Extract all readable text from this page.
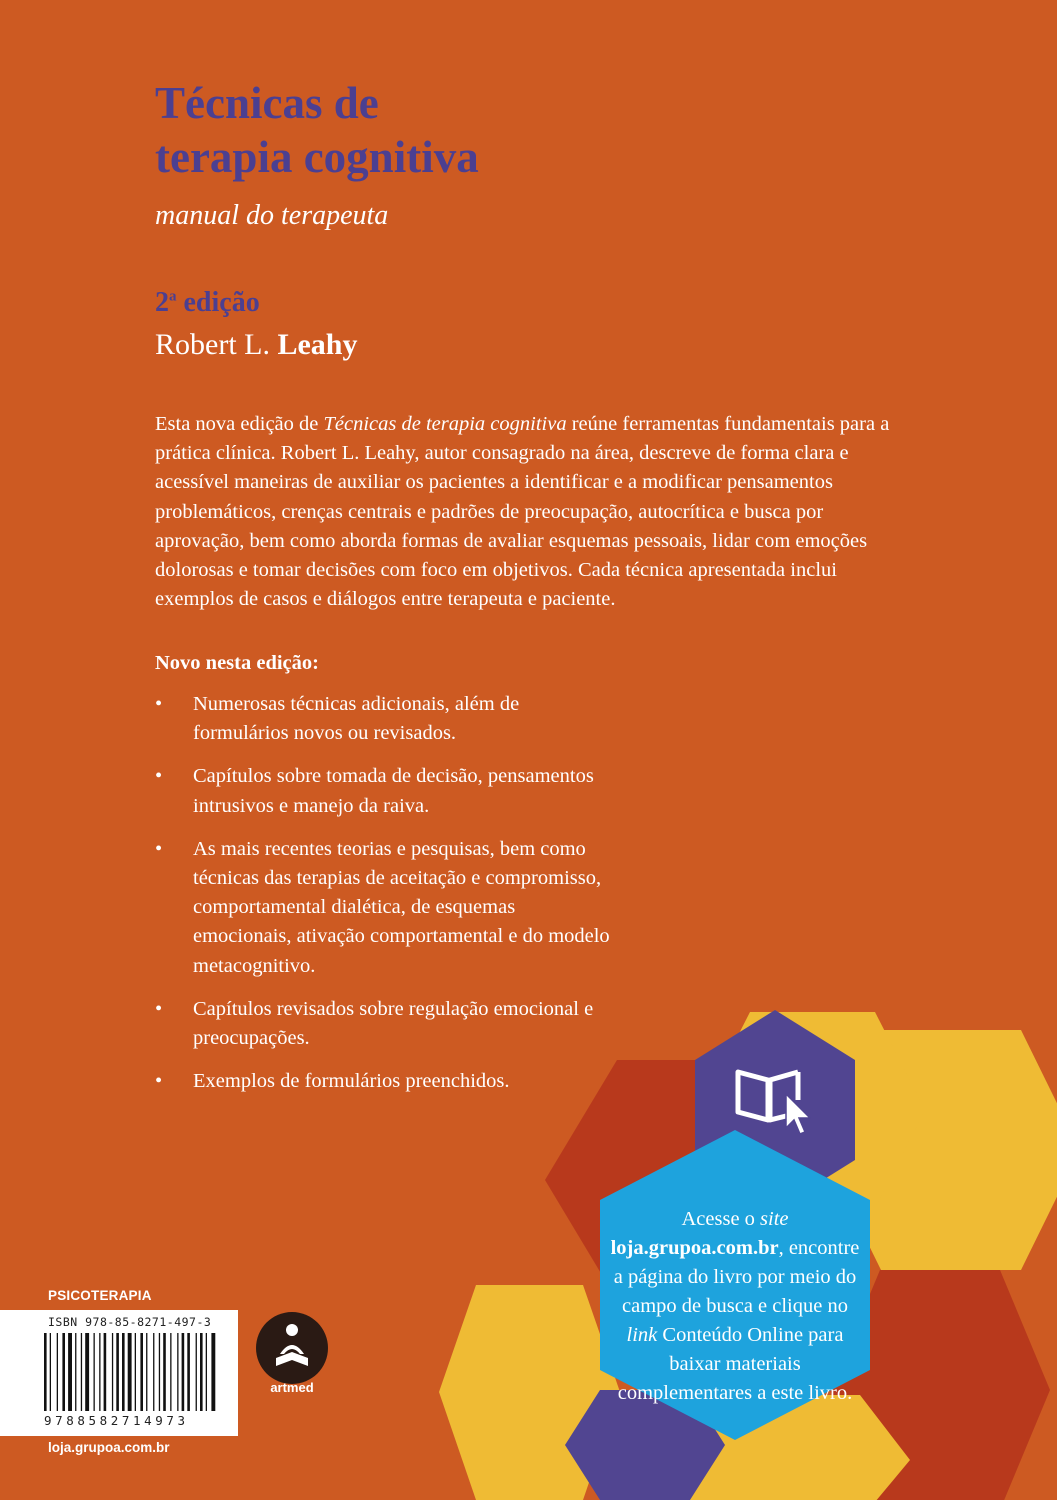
Técnicas de
terapia cognitiva

manual do terapeuta

2$^a$ edição

Robert L. Leahy

Esta nova edição de Técnicas de terapia cognitiva reúne ferramentas fundamentais para a prática clínica. Robert L. Leahy, autor consagrado na área, descreve de forma clara e acessível maneiras de auxiliar os pacientes a identificar e a modificar pensamentos problemáticos, crenças centrais e padrões de preocupação, autocrítica e busca por aprovação, bem como aborda formas de avaliar esquemas pessoais, lidar com emoções dolorosas e tomar decisões com foco em objetivos. Cada técnica apresentada inclui exemplos de casos e diálogos entre terapeuta e paciente.

Novo nesta edição:

• Numerosas técnicas adicionais, além de formulários novos ou revisados.
• Capítulos sobre tomada de decisão, pensamentos intrusivos e manejo da raiva.
• As mais recentes teorias e pesquisas, bem como técnicas das terapias de aceitação e compromisso, comportamental dialética, de esquemas emocionais, ativação comportamental e do modelo metacognitivo.
• Capítulos revisados sobre regulação emocional e preocupações.
• Exemplos de formulários preenchidos.

Acesse o site
loja.grupoa.com.br, encontre a página do livro por meio do campo de busca e clique no link Conteúdo Online para baixar materiais complementares a este livro.

PSICOTERAPIA
ISBN 978-85-8271-497-3
9788582714973
loja.grupoa.com.br
artmed
